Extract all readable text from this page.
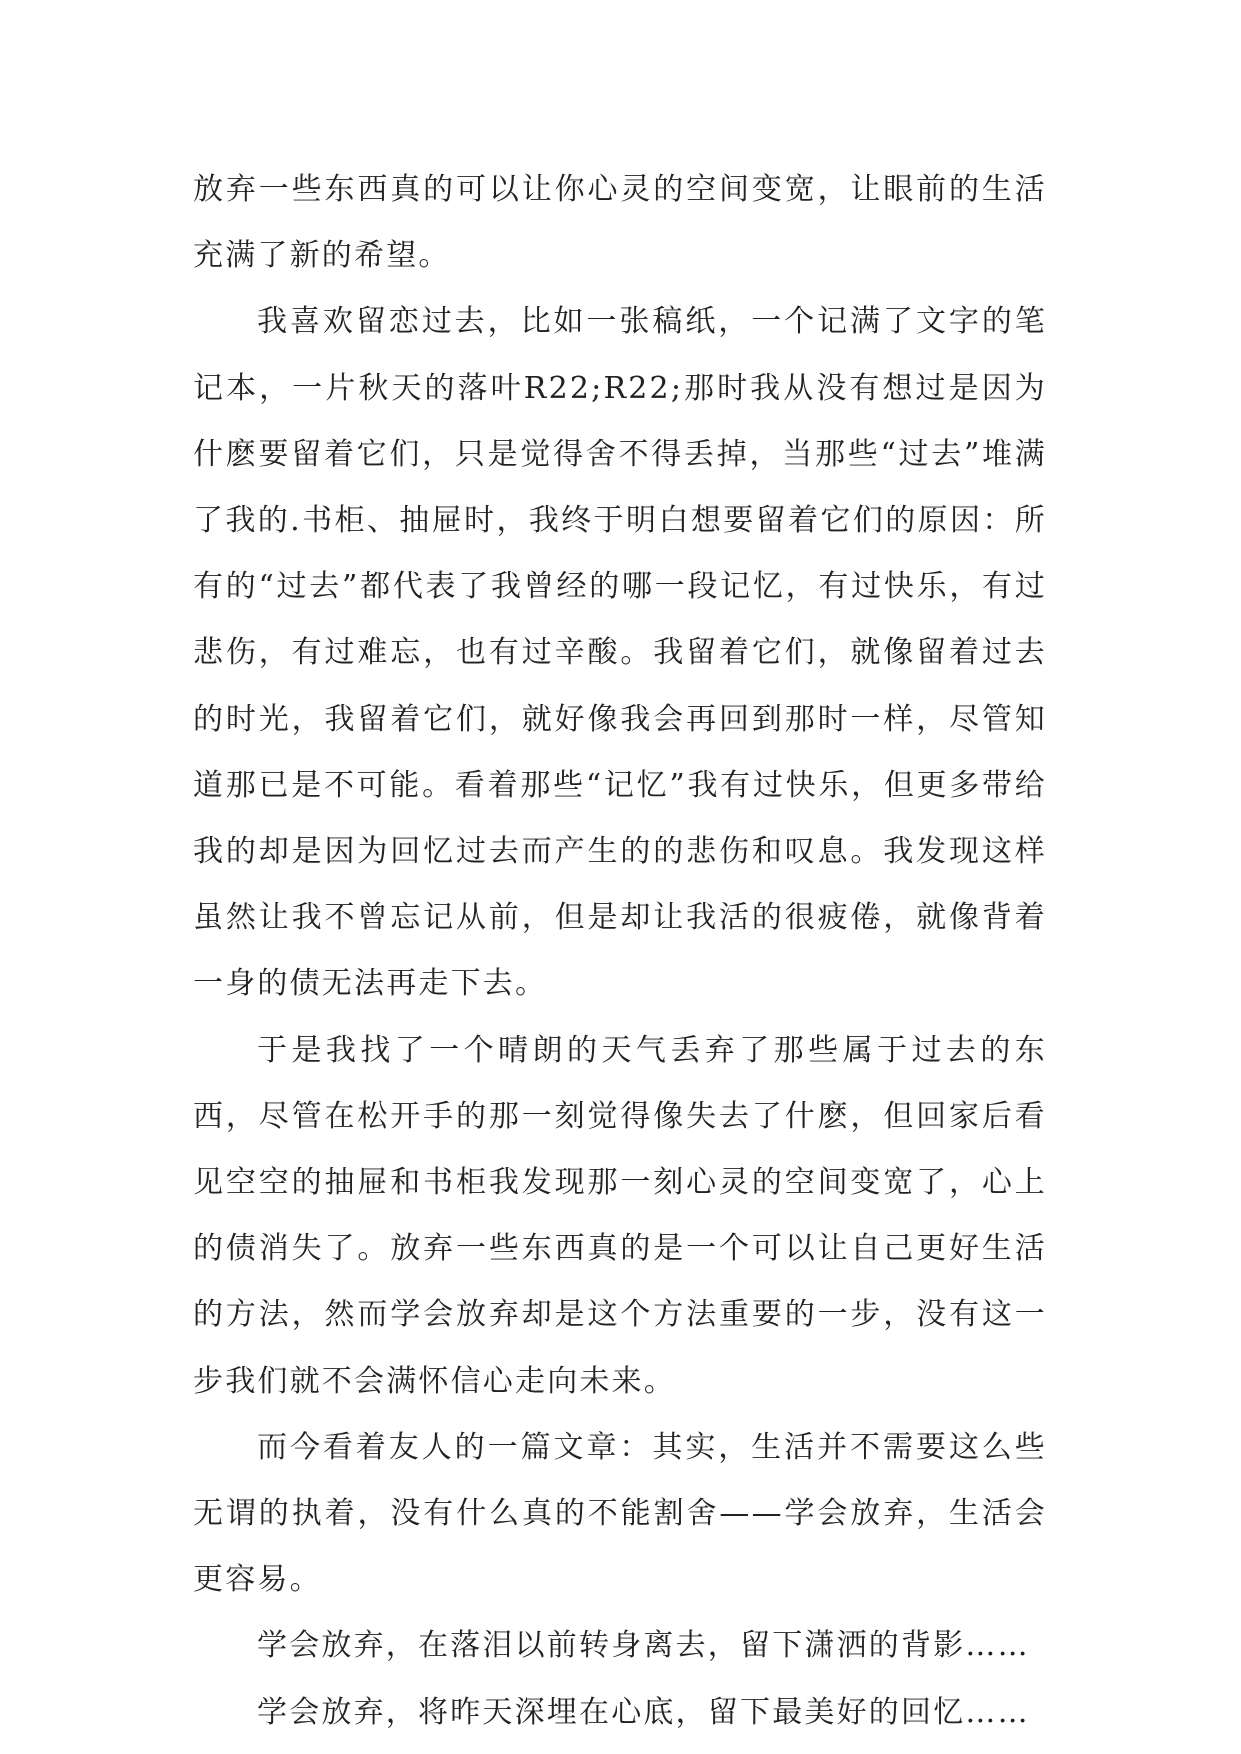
放弃一些东西真的可以让你心灵的空间变宽，让眼前的生活充满了新的希望。

我喜欢留恋过去，比如一张稿纸，一个记满了文字的笔记本，一片秋天的落叶R22;R22;那时我从没有想过是因为什麽要留着它们，只是觉得舍不得丢掉，当那些“过去”堆满了我的.书柜、抽屉时，我终于明白想要留着它们的原因：所有的“过去”都代表了我曾经的哪一段记忆，有过快乐，有过悲伤，有过难忘，也有过辛酸。我留着它们，就像留着过去的时光，我留着它们，就好像我会再回到那时一样，尽管知道那已是不可能。看着那些“记忆”我有过快乐，但更多带给我的却是因为回忆过去而产生的的悲伤和叹息。我发现这样虽然让我不曾忘记从前，但是却让我活的很疲倦，就像背着一身的债无法再走下去。

于是我找了一个晴朗的天气丢弃了那些属于过去的东西，尽管在松开手的那一刻觉得像失去了什麽，但回家后看见空空的抽屉和书柜我发现那一刻心灵的空间变宽了，心上的债消失了。放弃一些东西真的是一个可以让自己更好生活的方法，然而学会放弃却是这个方法重要的一步，没有这一步我们就不会满怀信心走向未来。

而今看着友人的一篇文章：其实，生活并不需要这么些无谓的执着，没有什么真的不能割舍——学会放弃，生活会更容易。

学会放弃，在落泪以前转身离去，留下潇洒的背影……

学会放弃，将昨天深埋在心底，留下最美好的回忆……
